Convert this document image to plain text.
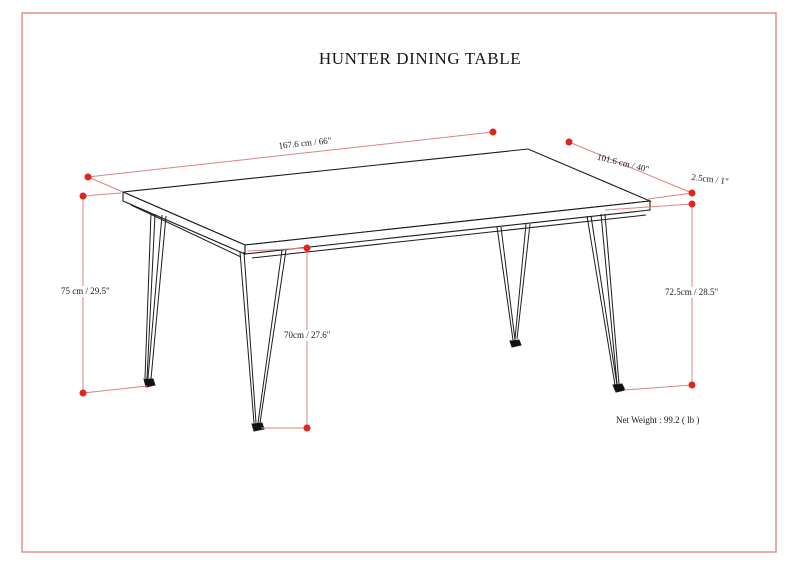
HUNTER DINING TABLE
167.6 cm / 66"
101.6 cm / 40"
2.5cm / 1"
75 cm / 29.5"
70cm / 27.6"
72.5cm / 28.5"
Net Weight : 99.2 ( lb )
